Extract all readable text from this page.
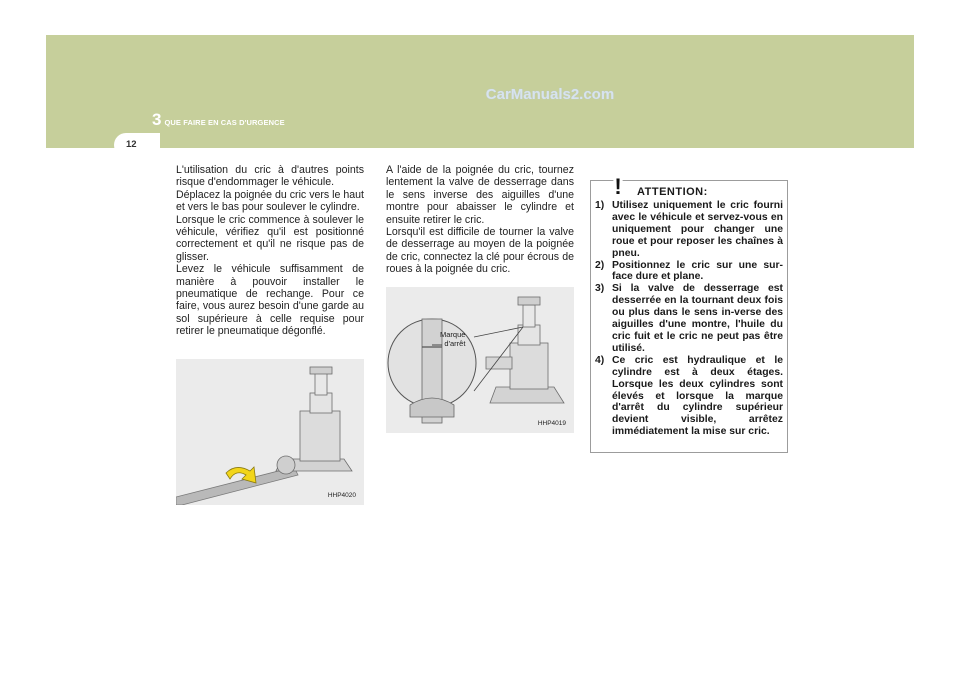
CarManuals2.com
3 QUE FAIRE EN CAS D'URGENCE
12

L'utilisation du cric à d'autres points risque d'endommager le véhicule.

Déplacez la poignée du cric vers le haut et vers le bas pour soulever le cylindre.

Lorsque le cric commence à soulever le véhicule, vérifiez qu'il est positionné correctement et qu'il ne risque pas de glisser.

Levez le véhicule suffisamment de manière à pouvoir installer le pneumatique de rechange. Pour ce faire, vous aurez besoin d'une garde au sol supérieure à celle requise pour retirer le pneumatique dégonflé.

HHP4020

A l'aide de la poignée du cric, tournez lentement la valve de desserrage dans le sens inverse des aiguilles d'une montre pour abaisser le cylindre et ensuite retirer le cric.

Lorsqu'il est difficile de tourner la valve de desserrage au moyen de la poignée de cric, connectez la clé pour écrous de roues à la poignée du cric.

Marque
d'arrêt
HHP4019
! ATTENTION:
1) Utilisez uniquement le cric fourni avec le véhicule et servez-vous en uniquement pour changer une roue et pour reposer les chaînes à pneu.
2) Positionnez le cric sur une sur-face dure et plane.
3) Si la valve de desserrage est desserrée en la tournant deux fois ou plus dans le sens in-verse des aiguilles d'une montre, l'huile du cric fuit et le cric ne peut pas être utilisé.
4) Ce cric est hydraulique et le cylindre est à deux étages. Lorsque les deux cylindres sont élevés et lorsque la marque d'arrêt du cylindre supérieur devient visible, arrêtez immédiatement la mise sur cric.
